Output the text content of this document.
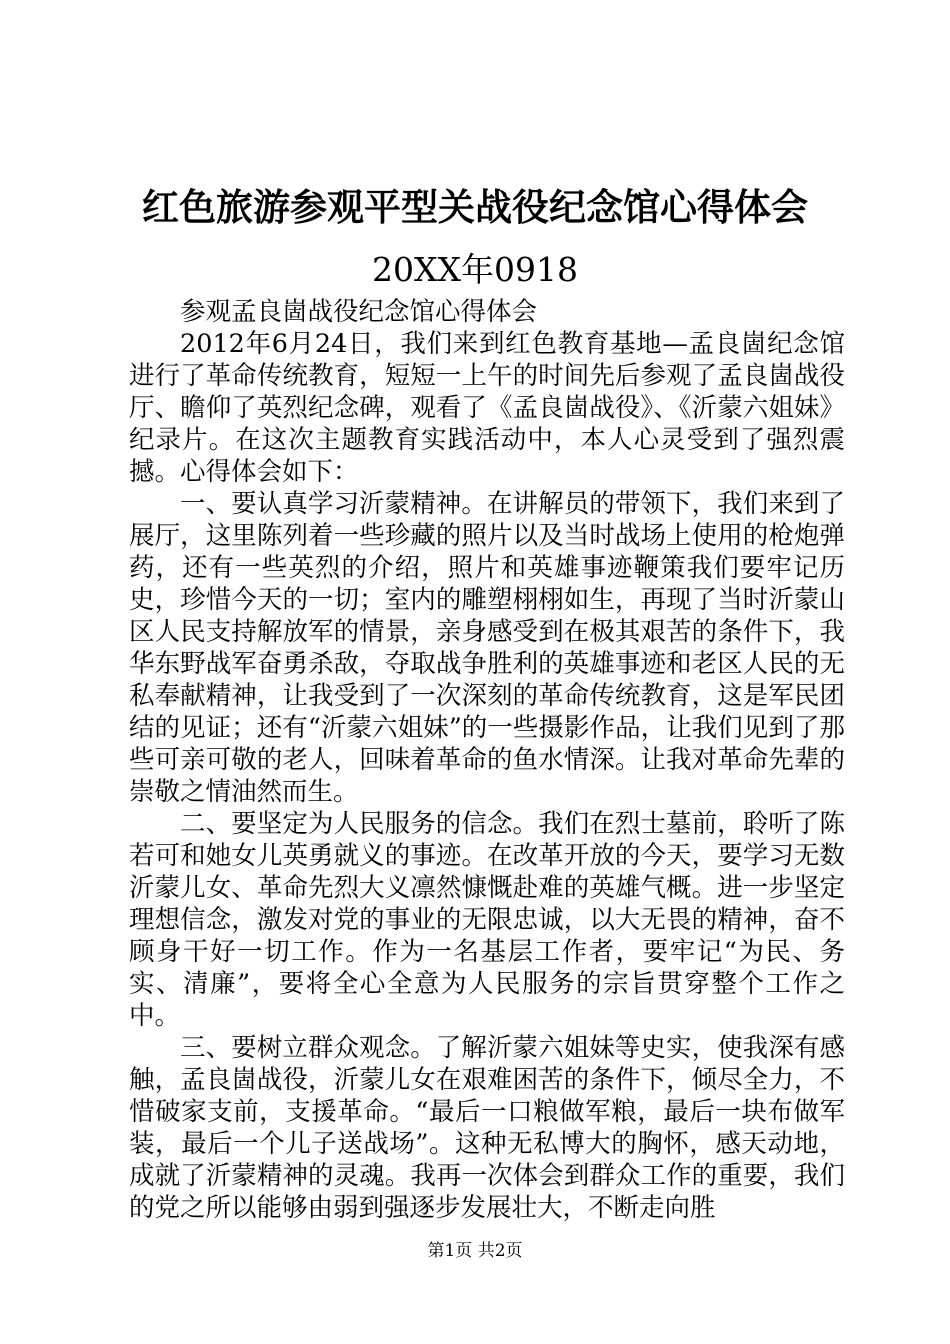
红色旅游参观平型关战役纪念馆心得体会
20XX年0918

参观孟良崮战役纪念馆心得体会

2012年6月24日，我们来到红色教育基地—孟良崮纪念馆进行了革命传统教育，短短一上午的时间先后参观了孟良崮战役厅、瞻仰了英烈纪念碑，观看了《孟良崮战役》、《沂蒙六姐妹》纪录片。在这次主题教育实践活动中，本人心灵受到了强烈震撼。心得体会如下：

一、要认真学习沂蒙精神。在讲解员的带领下，我们来到了展厅，这里陈列着一些珍藏的照片以及当时战场上使用的枪炮弹药，还有一些英烈的介绍，照片和英雄事迹鞭策我们要牢记历史，珍惜今天的一切；室内的雕塑栩栩如生，再现了当时沂蒙山区人民支持解放军的情景，亲身感受到在极其艰苦的条件下，我华东野战军奋勇杀敌，夺取战争胜利的英雄事迹和老区人民的无私奉献精神，让我受到了一次深刻的革命传统教育，这是军民团结的见证；还有“沂蒙六姐妹”的一些摄影作品，让我们见到了那些可亲可敬的老人，回味着革命的鱼水情深。让我对革命先辈的崇敬之情油然而生。

二、要坚定为人民服务的信念。我们在烈士墓前，聆听了陈若可和她女儿英勇就义的事迹。在改革开放的今天，要学习无数沂蒙儿女、革命先烈大义凛然慷慨赴难的英雄气概。进一步坚定理想信念，激发对党的事业的无限忠诚，以大无畏的精神，奋不顾身干好一切工作。作为一名基层工作者，要牢记“为民、务实、清廉”，要将全心全意为人民服务的宗旨贯穿整个工作之中。

三、要树立群众观念。了解沂蒙六姐妹等史实，使我深有感触，孟良崮战役，沂蒙儿女在艰难困苦的条件下，倾尽全力，不惜破家支前，支援革命。“最后一口粮做军粮，最后一块布做军装，最后一个儿子送战场”。这种无私博大的胸怀，感天动地，成就了沂蒙精神的灵魂。我再一次体会到群众工作的重要，我们的党之所以能够由弱到强逐步发展壮大，不断走向胜

第1页 共2页
